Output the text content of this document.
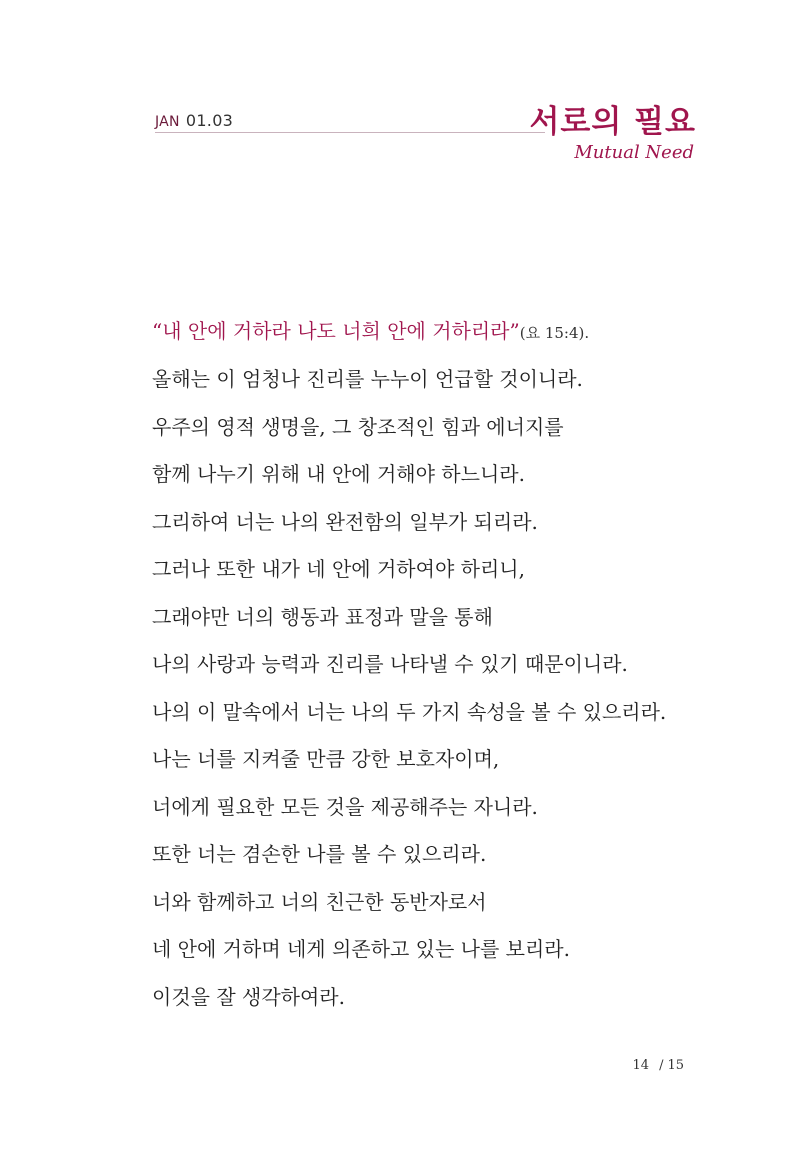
JAN 01.03	서로의 필요
Mutual Need
“내 안에 거하라 나도 너희 안에 거하리라”(요 15:4).
올해는 이 엄청나 진리를 누누이 언급할 것이니라.
우주의 영적 생명을, 그 창조적인 힘과 에너지를
함께 나누기 위해 내 안에 거해야 하느니라.
그리하여 너는 나의 완전함의 일부가 되리라.
그러나 또한 내가 네 안에 거하여야 하리니,
그래야만 너의 행동과 표정과 말을 통해
나의 사랑과 능력과 진리를 나타낼 수 있기 때문이니라.
나의 이 말속에서 너는 나의 두 가지 속성을 볼 수 있으리라.
나는 너를 지켜줄 만큼 강한 보호자이며,
너에게 필요한 모든 것을 제공해주는 자니라.
또한 너는 겸손한 나를 볼 수 있으리라.
너와 함께하고 너의 친근한 동반자로서
네 안에 거하며 네게 의존하고 있는 나를 보리라.
이것을 잘 생각하여라.
14 / 15
